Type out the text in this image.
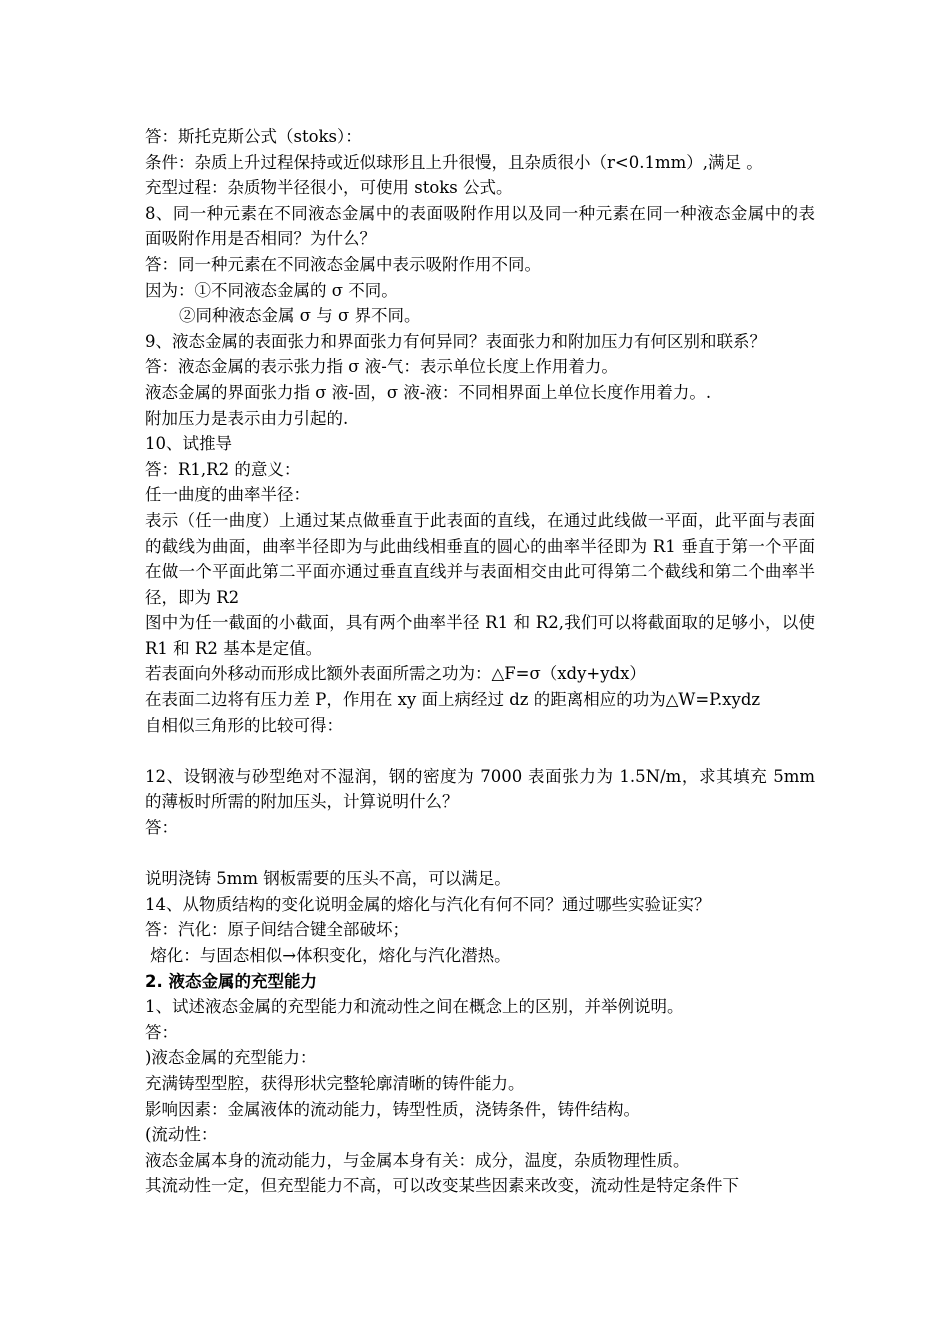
答：斯托克斯公式（stoks）：
条件：杂质上升过程保持或近似球形且上升很慢，且杂质很小（r<0.1mm）,满足 。
充型过程：杂质物半径很小，可使用 stoks 公式。
8、同一种元素在不同液态金属中的表面吸附作用以及同一种元素在同一种液态金属中的表面吸附作用是否相同？为什么？
答：同一种元素在不同液态金属中表示吸附作用不同。
因为：①不同液态金属的 σ 不同。
②同种液态金属 σ 与 σ 界不同。
9、液态金属的表面张力和界面张力有何异同？表面张力和附加压力有何区别和联系？
答：液态金属的表示张力指 σ 液-气：表示单位长度上作用着力。
液态金属的界面张力指 σ 液-固，σ 液-液：不同相界面上单位长度作用着力。.
附加压力是表示由力引起的.
10、试推导
答：R1,R2 的意义：
任一曲度的曲率半径：
表示（任一曲度）上通过某点做垂直于此表面的直线，在通过此线做一平面，此平面与表面的截线为曲面，曲率半径即为与此曲线相垂直的圆心的曲率半径即为 R1 垂直于第一个平面在做一个平面此第二平面亦通过垂直直线并与表面相交由此可得第二个截线和第二个曲率半径，即为 R2
图中为任一截面的小截面，具有两个曲率半径 R1 和 R2,我们可以将截面取的足够小，以使 R1 和 R2 基本是定值。
若表面向外移动而形成比额外表面所需之功为：△F=σ（xdy+ydx）
在表面二边将有压力差 P，作用在 xy 面上病经过 dz 的距离相应的功为△W=P.xydz
自相似三角形的比较可得：
12、设钢液与砂型绝对不湿润，钢的密度为 7000 表面张力为 1.5N/m，求其填充 5mm 的薄板时所需的附加压头，计算说明什么？
答：
说明浇铸 5mm 钢板需要的压头不高，可以满足。
14、从物质结构的变化说明金属的熔化与汽化有何不同？通过哪些实验证实？
答：汽化：原子间结合键全部破坏；
熔化：与固态相似→体积变化，熔化与汽化潜热。
2. 液态金属的充型能力
1、试述液态金属的充型能力和流动性之间在概念上的区别，并举例说明。
答：
)液态金属的充型能力：
充满铸型型腔，获得形状完整轮廓清晰的铸件能力。
影响因素：金属液体的流动能力，铸型性质，浇铸条件，铸件结构。
(流动性：
液态金属本身的流动能力，与金属本身有关：成分，温度，杂质物理性质。
其流动性一定，但充型能力不高，可以改变某些因素来改变，流动性是特定条件下
